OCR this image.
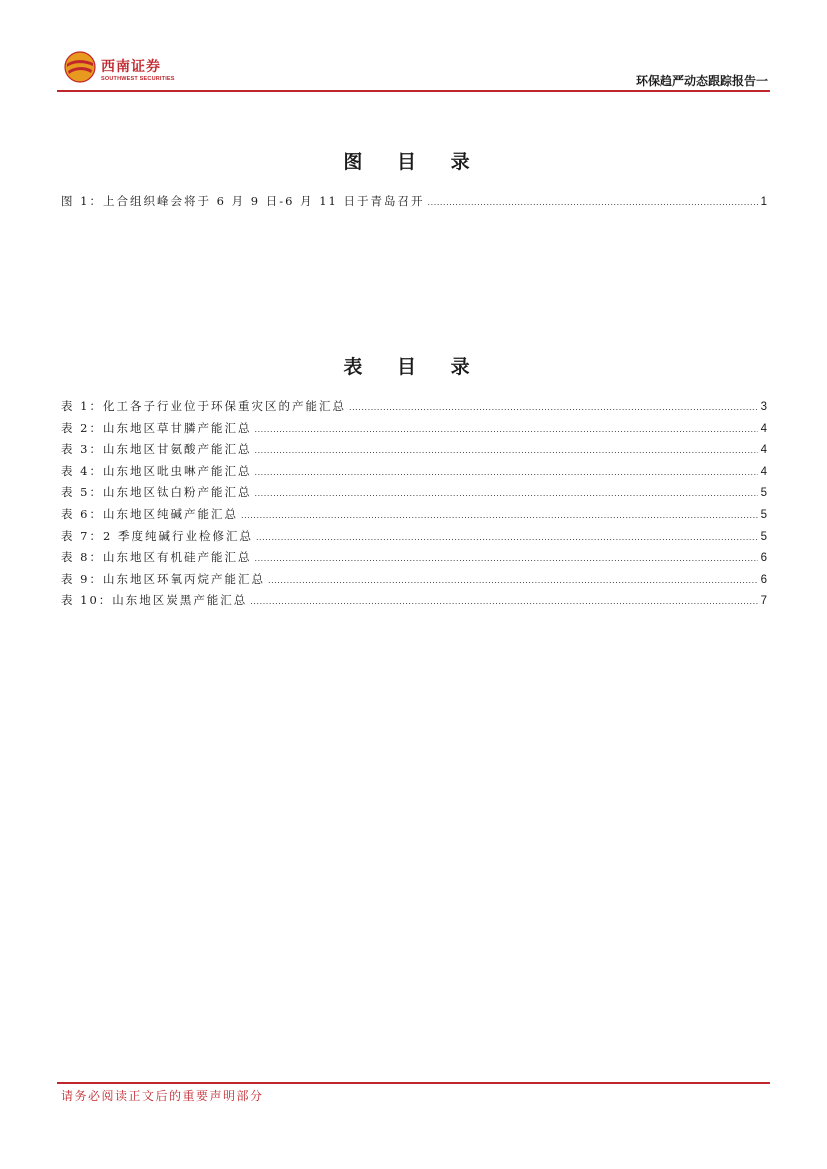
西南证券
SOUTHWEST SECURITIES	环保趋严动态跟踪报告一
图 目 录
图 1：上合组织峰会将于 6 月 9 日-6 月 11 日于青岛召开 .....	1
表 目 录
表 1：化工各子行业位于环保重灾区的产能汇总 .....	3
表 2：山东地区草甘膦产能汇总 .....	4
表 3：山东地区甘氨酸产能汇总 .....	4
表 4：山东地区吡虫啉产能汇总 .....	4
表 5：山东地区钛白粉产能汇总 .....	5
表 6：山东地区纯碱产能汇总 .....	5
表 7：2 季度纯碱行业检修汇总 .....	5
表 8：山东地区有机硅产能汇总 .....	6
表 9：山东地区环氧丙烷产能汇总 .....	6
表 10：山东地区炭黑产能汇总 .....	7
请务必阅读正文后的重要声明部分
